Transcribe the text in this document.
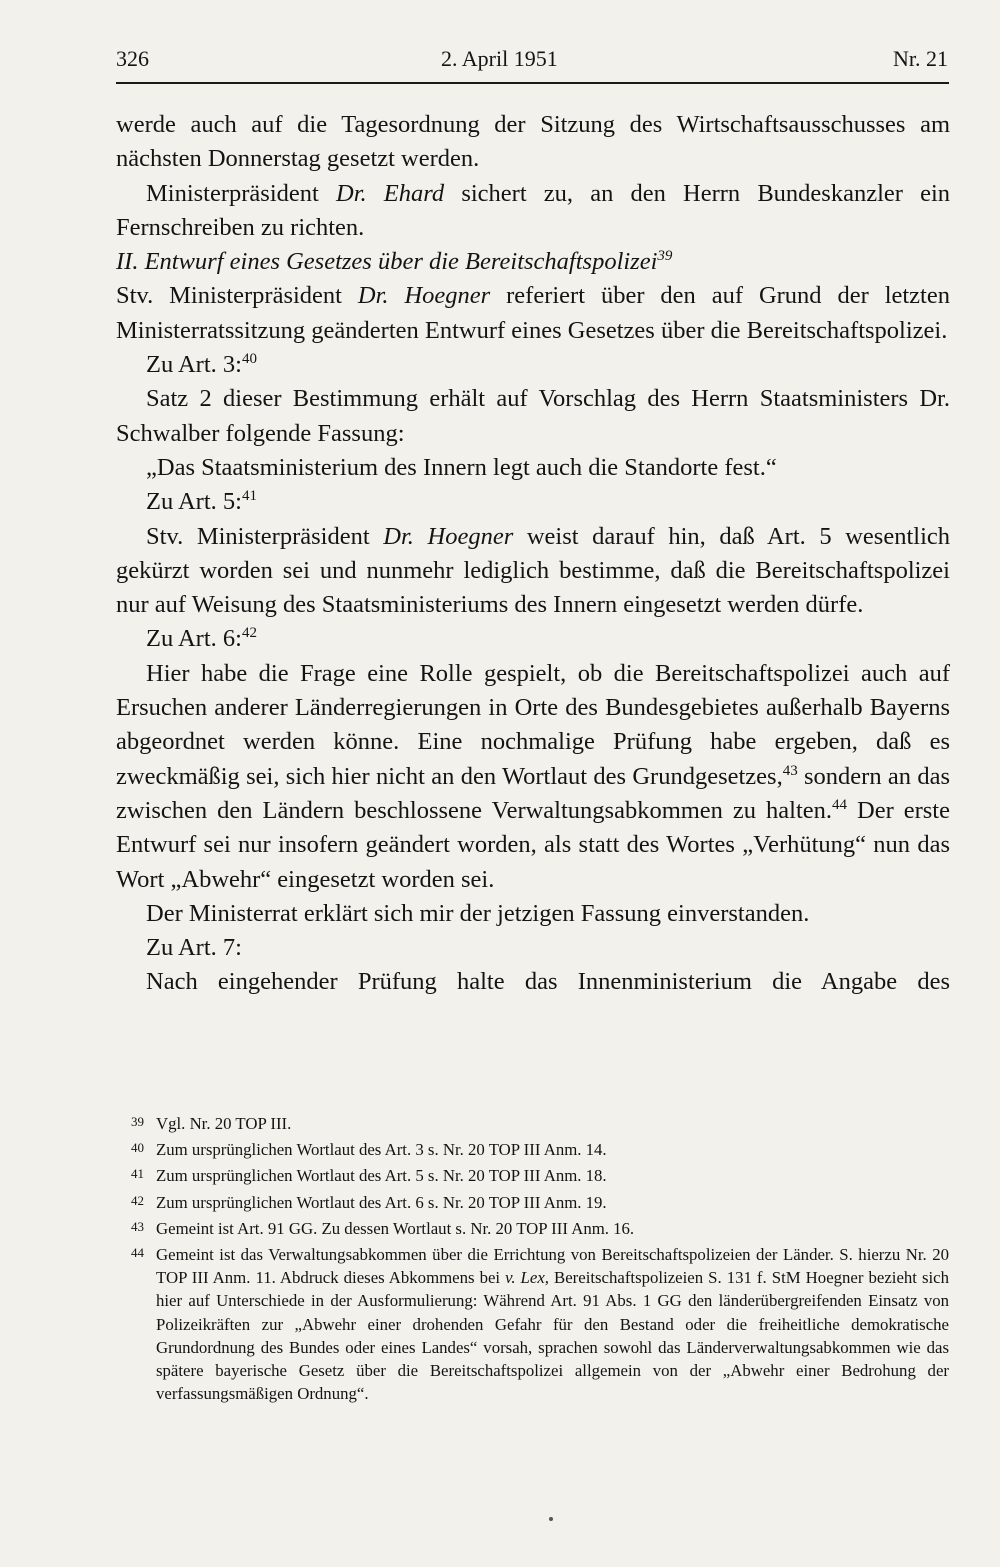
326	2. April 1951	Nr. 21

werde auch auf die Tagesordnung der Sitzung des Wirtschaftsausschusses am nächsten Donnerstag gesetzt werden.

Ministerpräsident Dr. Ehard sichert zu, an den Herrn Bundeskanzler ein Fernschreiben zu richten.

II. Entwurf eines Gesetzes über die Bereitschaftspolizei$^{39}$

Stv. Ministerpräsident Dr. Hoegner referiert über den auf Grund der letzten Ministerratssitzung geänderten Entwurf eines Gesetzes über die Bereitschaftspolizei.

Zu Art. 3:$^{40}$

Satz 2 dieser Bestimmung erhält auf Vorschlag des Herrn Staatsministers Dr. Schwalber folgende Fassung:

„Das Staatsministerium des Innern legt auch die Standorte fest.“

Zu Art. 5:$^{41}$

Stv. Ministerpräsident Dr. Hoegner weist darauf hin, daß Art. 5 wesentlich gekürzt worden sei und nunmehr lediglich bestimme, daß die Bereitschaftspolizei nur auf Weisung des Staatsministeriums des Innern eingesetzt werden dürfe.

Zu Art. 6:$^{42}$

Hier habe die Frage eine Rolle gespielt, ob die Bereitschaftspolizei auch auf Ersuchen anderer Länderregierungen in Orte des Bundesgebietes außerhalb Bayerns abgeordnet werden könne. Eine nochmalige Prüfung habe ergeben, daß es zweckmäßig sei, sich hier nicht an den Wortlaut des Grundgesetzes,$^{43}$ sondern an das zwischen den Ländern beschlossene Verwaltungsabkommen zu halten.$^{44}$ Der erste Entwurf sei nur insofern geändert worden, als statt des Wortes „Verhütung“ nun das Wort „Abwehr“ eingesetzt worden sei.

Der Ministerrat erklärt sich mir der jetzigen Fassung einverstanden.

Zu Art. 7:

Nach eingehender Prüfung halte das Innenministerium die Angabe des

39 Vgl. Nr. 20 TOP III.

40 Zum ursprünglichen Wortlaut des Art. 3 s. Nr. 20 TOP III Anm. 14.

41 Zum ursprünglichen Wortlaut des Art. 5 s. Nr. 20 TOP III Anm. 18.

42 Zum ursprünglichen Wortlaut des Art. 6 s. Nr. 20 TOP III Anm. 19.

43 Gemeint ist Art. 91 GG. Zu dessen Wortlaut s. Nr. 20 TOP III Anm. 16.

44 Gemeint ist das Verwaltungsabkommen über die Errichtung von Bereitschaftspolizeien der Länder. S. hierzu Nr. 20 TOP III Anm. 11. Abdruck dieses Abkommens bei v. Lex, Bereitschaftspolizeien S. 131 f. StM Hoegner bezieht sich hier auf Unterschiede in der Ausformulierung: Während Art. 91 Abs. 1 GG den länderübergreifenden Einsatz von Polizeikräften zur „Abwehr einer drohenden Gefahr für den Bestand oder die freiheitliche demokratische Grundordnung des Bundes oder eines Landes“ vorsah, sprachen sowohl das Länderverwaltungsabkommen wie das spätere bayerische Gesetz über die Bereitschaftspolizei allgemein von der „Abwehr einer Bedrohung der verfassungsmäßigen Ordnung“.
